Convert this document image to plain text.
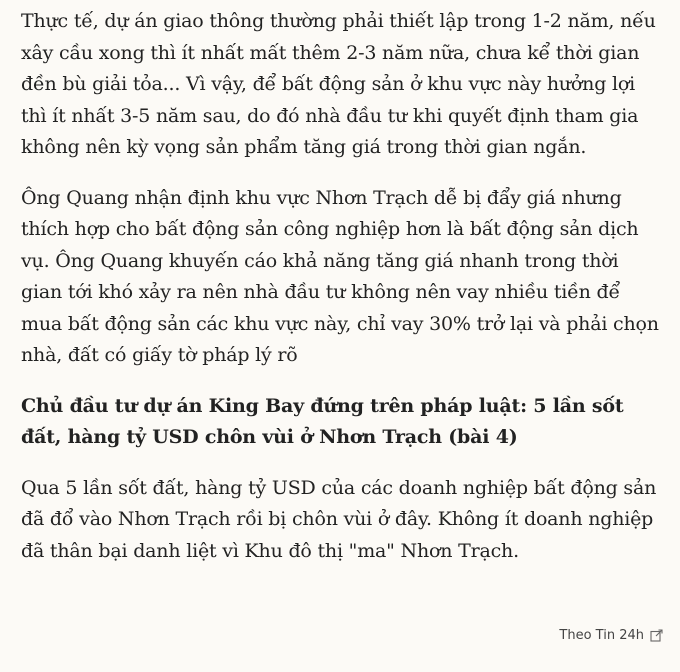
Thực tế, dự án giao thông thường phải thiết lập trong 1-2 năm, nếu xây cầu xong thì ít nhất mất thêm 2-3 năm nữa, chưa kể thời gian đền bù giải tỏa... Vì vậy, để bất động sản ở khu vực này hưởng lợi thì ít nhất 3-5 năm sau, do đó nhà đầu tư khi quyết định tham gia không nên kỳ vọng sản phẩm tăng giá trong thời gian ngắn.

Ông Quang nhận định khu vực Nhơn Trạch dễ bị đẩy giá nhưng thích hợp cho bất động sản công nghiệp hơn là bất động sản dịch vụ. Ông Quang khuyến cáo khả năng tăng giá nhanh trong thời gian tới khó xảy ra nên nhà đầu tư không nên vay nhiều tiền để mua bất động sản các khu vực này, chỉ vay 30% trở lại và phải chọn nhà, đất có giấy tờ pháp lý rõ

Chủ đầu tư dự án King Bay đứng trên pháp luật: 5 lần sốt đất, hàng tỷ USD chôn vùi ở Nhơn Trạch (bài 4)

Qua 5 lần sốt đất, hàng tỷ USD của các doanh nghiệp bất động sản đã đổ vào Nhơn Trạch rồi bị chôn vùi ở đây. Không ít doanh nghiệp đã thân bại danh liệt vì Khu đô thị "ma" Nhơn Trạch.

Theo Tin 24h
